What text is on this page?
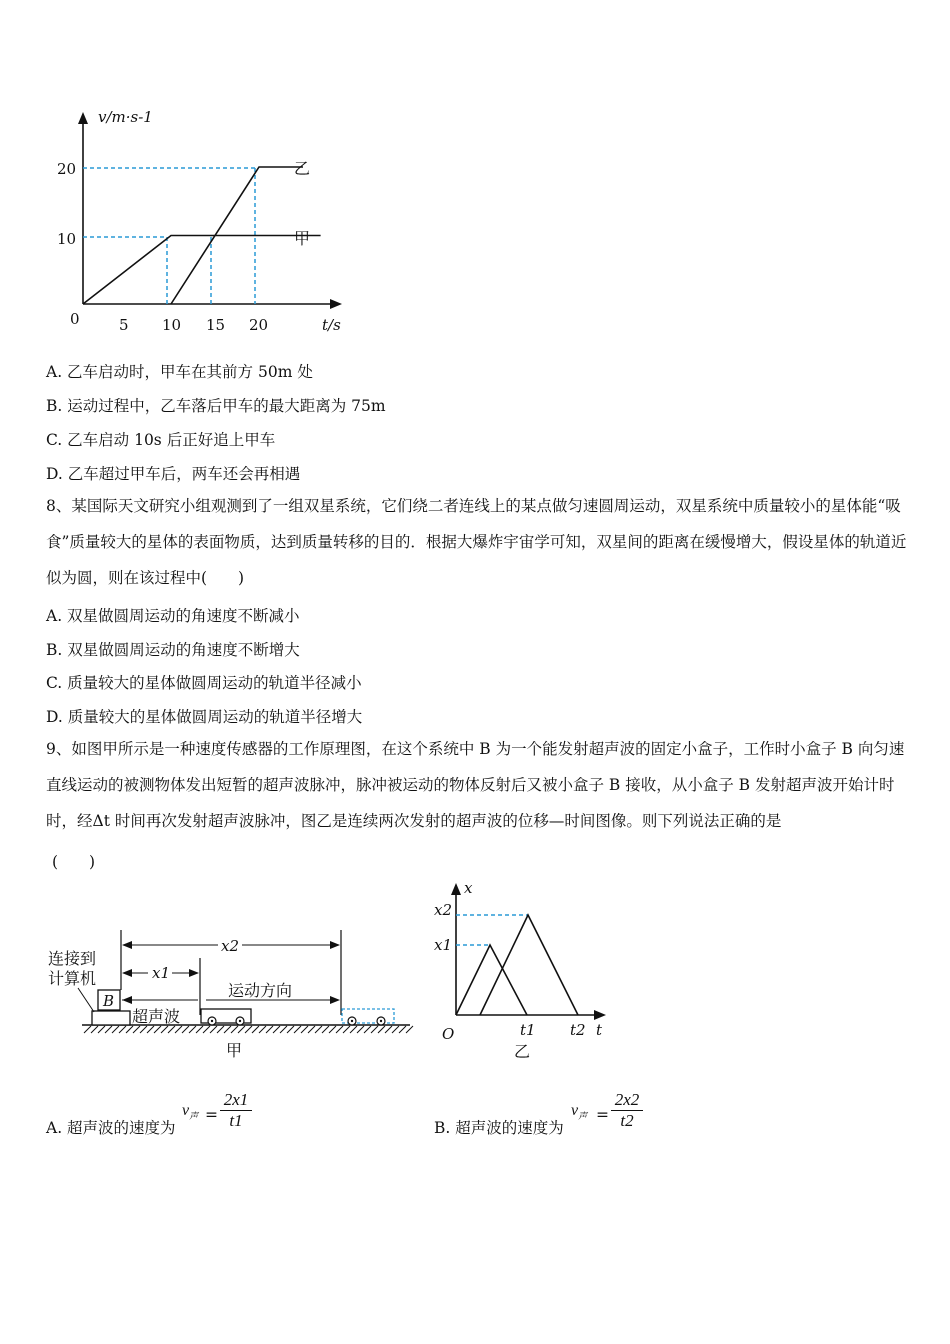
v/m·s-1
t/s
0	5 10 15 20
10
20
甲
乙
A. 乙车启动时，甲车在其前方 50m 处
B. 运动过程中，乙车落后甲车的最大距离为 75m
C. 乙车启动 10s 后正好追上甲车
D. 乙车超过甲车后，两车还会再相遇
8、某国际天文研究小组观测到了一组双星系统，它们绕二者连线上的某点做匀速圆周运动，双星系统中质量较小的星体能“吸食”质量较大的星体的表面物质，达到质量转移的目的．根据大爆炸宇宙学可知，双星间的距离在缓慢增大，假设星体的轨道近似为圆，则在该过程中(　　)
A. 双星做圆周运动的角速度不断减小
B. 双星做圆周运动的角速度不断增大
C. 质量较大的星体做圆周运动的轨道半径减小
D. 质量较大的星体做圆周运动的轨道半径增大
9、如图甲所示是一种速度传感器的工作原理图，在这个系统中 B 为一个能发射超声波的固定小盒子，工作时小盒子 B 向匀速直线运动的被测物体发出短暂的超声波脉冲，脉冲被运动的物体反射后又被小盒子 B 接收，从小盒子 B 发射超声波开始计时时，经Δt 时间再次发射超声波脉冲，图乙是连续两次发射的超声波的位移—时间图像。则下列说法正确的是
(　　)
B
连接到
计算机
x2
x1
超声波
运动方向
甲
x
t
O
x2
x1
t1 t2
乙
A. 超声波的速度为
$v_声$ =
2x1
t1	B. 超声波的速度为
$v_声$ =
2x2
t2
